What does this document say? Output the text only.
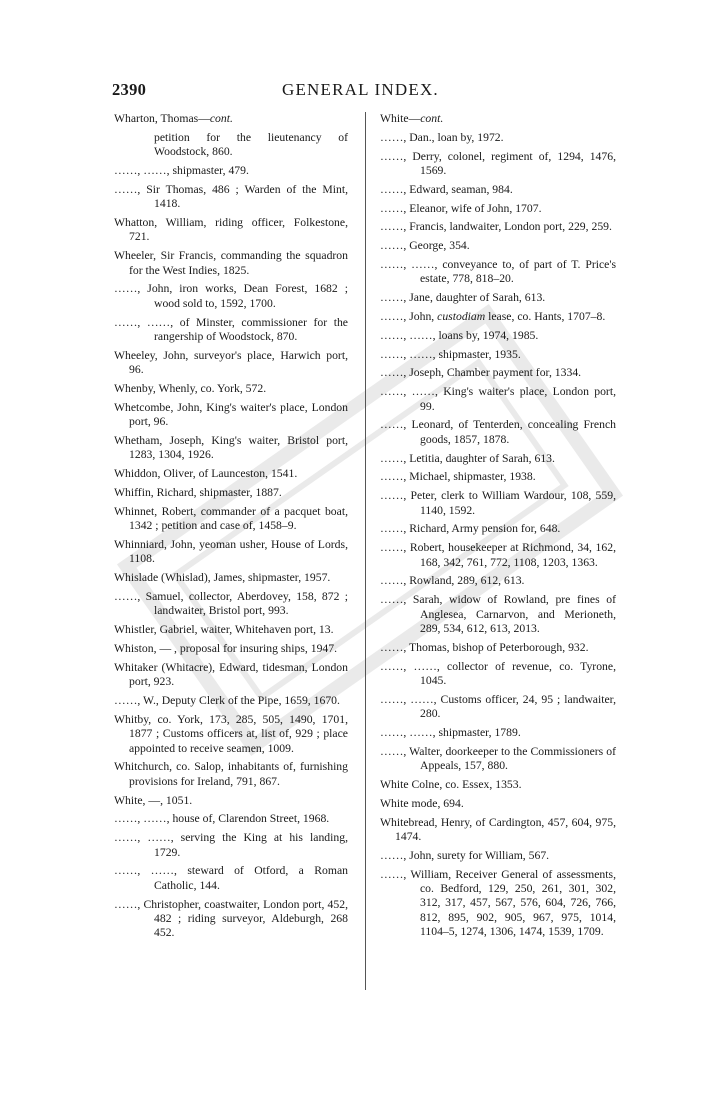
2390	GENERAL INDEX.
Wharton, Thomas—cont.
petition for the lieutenancy of Woodstock, 860.
……, ……, shipmaster, 479.
……, Sir Thomas, 486 ; Warden of the Mint, 1418.
Whatton, William, riding officer, Folkestone, 721.
Wheeler, Sir Francis, commanding the squadron for the West Indies, 1825.
……, John, iron works, Dean Forest, 1682 ; wood sold to, 1592, 1700.
……, ……, of Minster, commissioner for the rangership of Woodstock, 870.
Wheeley, John, surveyor's place, Harwich port, 96.
Whenby, Whenly, co. York, 572.
Whetcombe, John, King's waiter's place, London port, 96.
Whetham, Joseph, King's waiter, Bristol port, 1283, 1304, 1926.
Whiddon, Oliver, of Launceston, 1541.
Whiffin, Richard, shipmaster, 1887.
Whinnet, Robert, commander of a pacquet boat, 1342 ; petition and case of, 1458–9.
Whinniard, John, yeoman usher, House of Lords, 1108.
Whislade (Whislad), James, shipmaster, 1957.
……, Samuel, collector, Aberdovey, 158, 872 ; landwaiter, Bristol port, 993.
Whistler, Gabriel, waiter, Whitehaven port, 13.
Whiston, — , proposal for insuring ships, 1947.
Whitaker (Whitacre), Edward, tidesman, London port, 923.
……, W., Deputy Clerk of the Pipe, 1659, 1670.
Whitby, co. York, 173, 285, 505, 1490, 1701, 1877 ; Customs officers at, list of, 929 ; place appointed to receive seamen, 1009.
Whitchurch, co. Salop, inhabitants of, furnishing provisions for Ireland, 791, 867.
White, —, 1051.
……, ……, house of, Clarendon Street, 1968.
……, ……, serving the King at his landing, 1729.
……, ……, steward of Otford, a Roman Catholic, 144.
……, Christopher, coastwaiter, London port, 452, 482 ; riding surveyor, Aldeburgh, 268 452.
White—cont.
……, Dan., loan by, 1972.
……, Derry, colonel, regiment of, 1294, 1476, 1569.
……, Edward, seaman, 984.
……, Eleanor, wife of John, 1707.
……, Francis, landwaiter, London port, 229, 259.
……, George, 354.
……, ……, conveyance to, of part of T. Price's estate, 778, 818–20.
……, Jane, daughter of Sarah, 613.
……, John, custodiam lease, co. Hants, 1707–8.
……, ……, loans by, 1974, 1985.
……, ……, shipmaster, 1935.
……, Joseph, Chamber payment for, 1334.
……, ……, King's waiter's place, London port, 99.
……, Leonard, of Tenterden, concealing French goods, 1857, 1878.
……, Letitia, daughter of Sarah, 613.
……, Michael, shipmaster, 1938.
……, Peter, clerk to William Wardour, 108, 559, 1140, 1592.
……, Richard, Army pension for, 648.
……, Robert, housekeeper at Richmond, 34, 162, 168, 342, 761, 772, 1108, 1203, 1363.
……, Rowland, 289, 612, 613.
……, Sarah, widow of Rowland, pre fines of Anglesea, Carnarvon, and Merioneth, 289, 534, 612, 613, 2013.
……, Thomas, bishop of Peterborough, 932.
……, ……, collector of revenue, co. Tyrone, 1045.
……, ……, Customs officer, 24, 95 ; landwaiter, 280.
……, ……, shipmaster, 1789.
……, Walter, doorkeeper to the Commissioners of Appeals, 157, 880.
White Colne, co. Essex, 1353.
White mode, 694.
Whitebread, Henry, of Cardington, 457, 604, 975, 1474.
……, John, surety for William, 567.
……, William, Receiver General of assessments, co. Bedford, 129, 250, 261, 301, 302, 312, 317, 457, 567, 576, 604, 726, 766, 812, 895, 902, 905, 967, 975, 1014, 1104–5, 1274, 1306, 1474, 1539, 1709.
